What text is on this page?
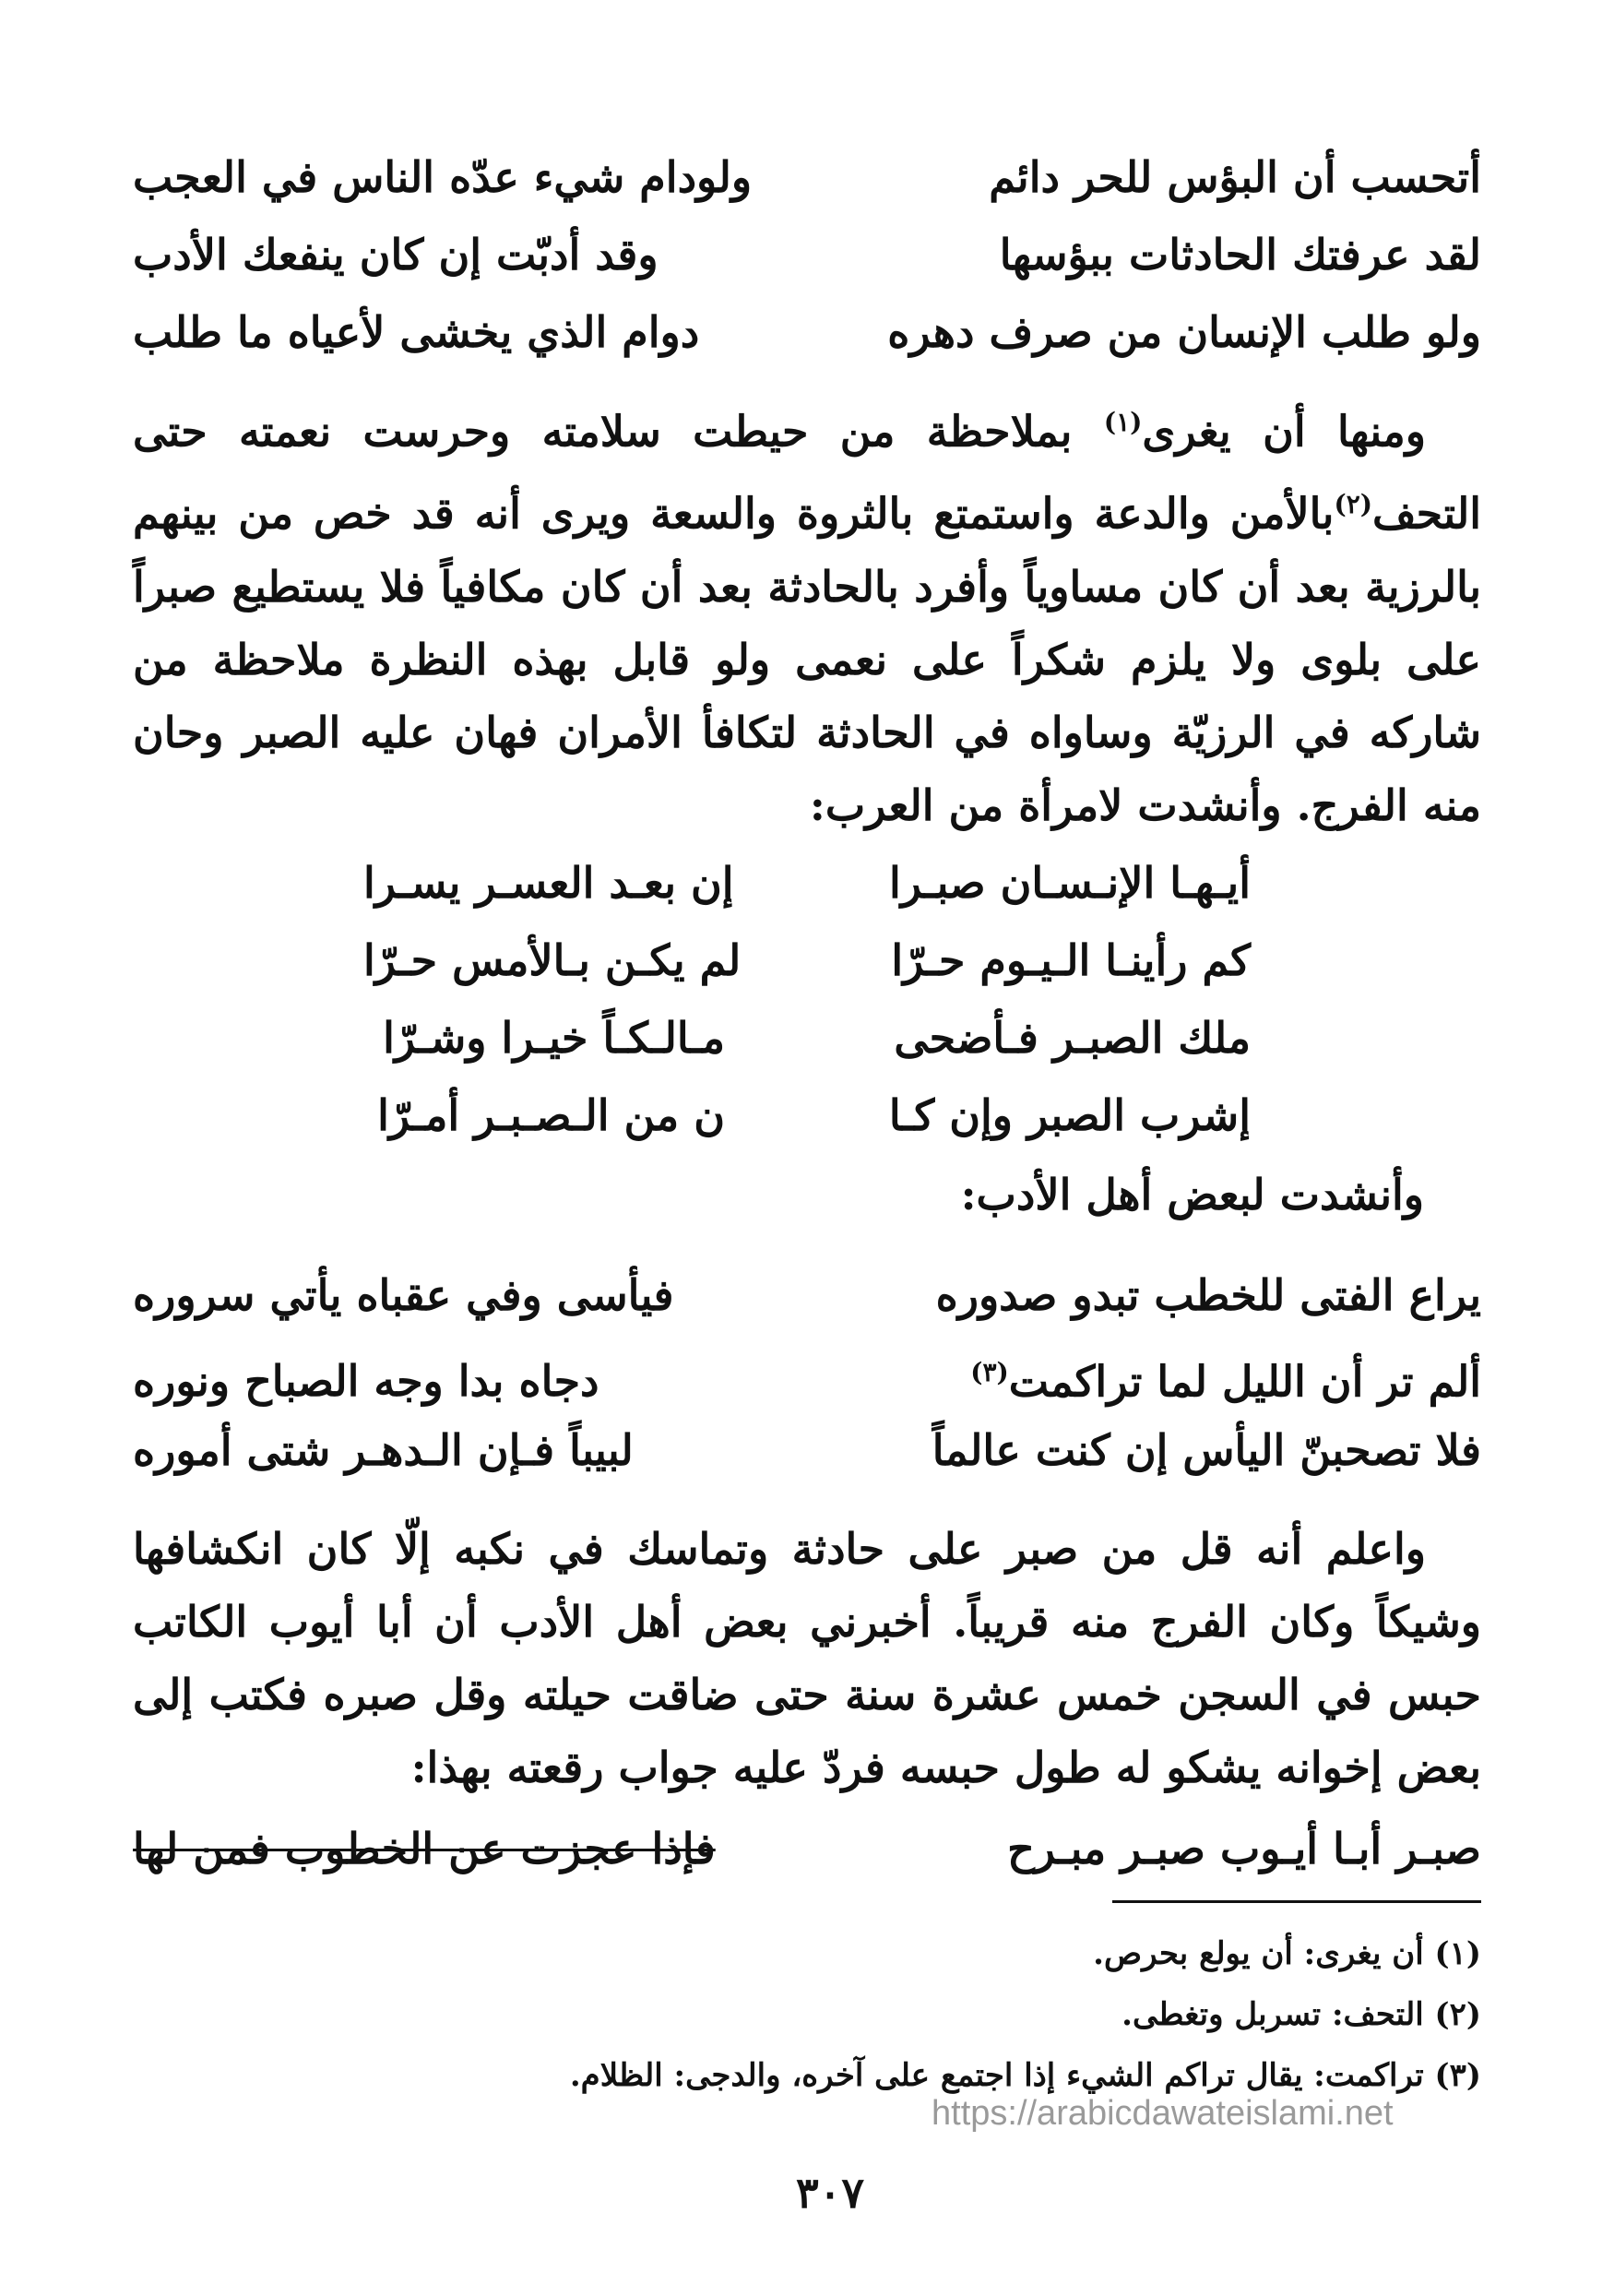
أتحسب أن البؤس للحر دائم
ولودام شيء عدّه الناس في العجب
لقد عرفتك الحادثات ببؤسها
وقد أدبّت إن كان ينفعك الأدب
ولو طلب الإنسان من صرف دهره
دوام الذي يخشى لأعياه ما طلب
ومنها أن يغرى$^{(١)}$ بملاحظة من حيطت سلامته وحرست نعمته حتى التحف$^{(٢)}$بالأمن والدعة واستمتع بالثروة والسعة ويرى أنه قد خص من بينهم بالرزية بعد أن كان مساوياً وأفرد بالحادثة بعد أن كان مكافياً فلا يستطيع صبراً على بلوى ولا يلزم شكراً على نعمى ولو قابل بهذه النظرة ملاحظة من شاركه في الرزيّة وساواه في الحادثة لتكافأ الأمران فهان عليه الصبر وحان منه الفرج. وأنشدت لامرأة من العرب:
أيـهـا الإنـسـان صبـرا
إن بعـد العسـر يسـرا
كم رأينـا الـيـوم حـرّا
لم يكـن بـالأمس حـرّا
ملك الصبـر فـأضحى
مـالـكـاً خيـرا وشـرّا
إشرب الصبر وإن كـا
ن من الـصـبـر أمـرّا
وأنشدت لبعض أهل الأدب:
يراع الفتى للخطب تبدو صدوره
فيأسى وفي عقباه يأتي سروره
ألم تر أن الليل لما تراكمت$^{(٣)}$
دجاه بدا وجه الصباح ونوره
فلا تصحبنّ اليأس إن كنت عالماً
لبيباً فـإن الـدهـر شتى أموره
واعلم أنه قل من صبر على حادثة وتماسك في نكبه إلّا كان انكشافها وشيكاً وكان الفرج منه قريباً. أخبرني بعض أهل الأدب أن أبا أيوب الكاتب حبس في السجن خمس عشرة سنة حتى ضاقت حيلته وقل صبره فكتب إلى بعض إخوانه يشكو له طول حبسه فردّ عليه جواب رقعته بهذا:
صبـر أبـا أيـوب صبـر مبـرح
فإذا عجزت عن الخطوب فمن لها
(١) أن يغرى: أن يولع بحرص.
(٢) التحف: تسربل وتغطى.
(٣) تراكمت: يقال تراكم الشيء إذا اجتمع على آخره، والدجى: الظلام.
https://arabicdawateislami.net
٣٠٧
